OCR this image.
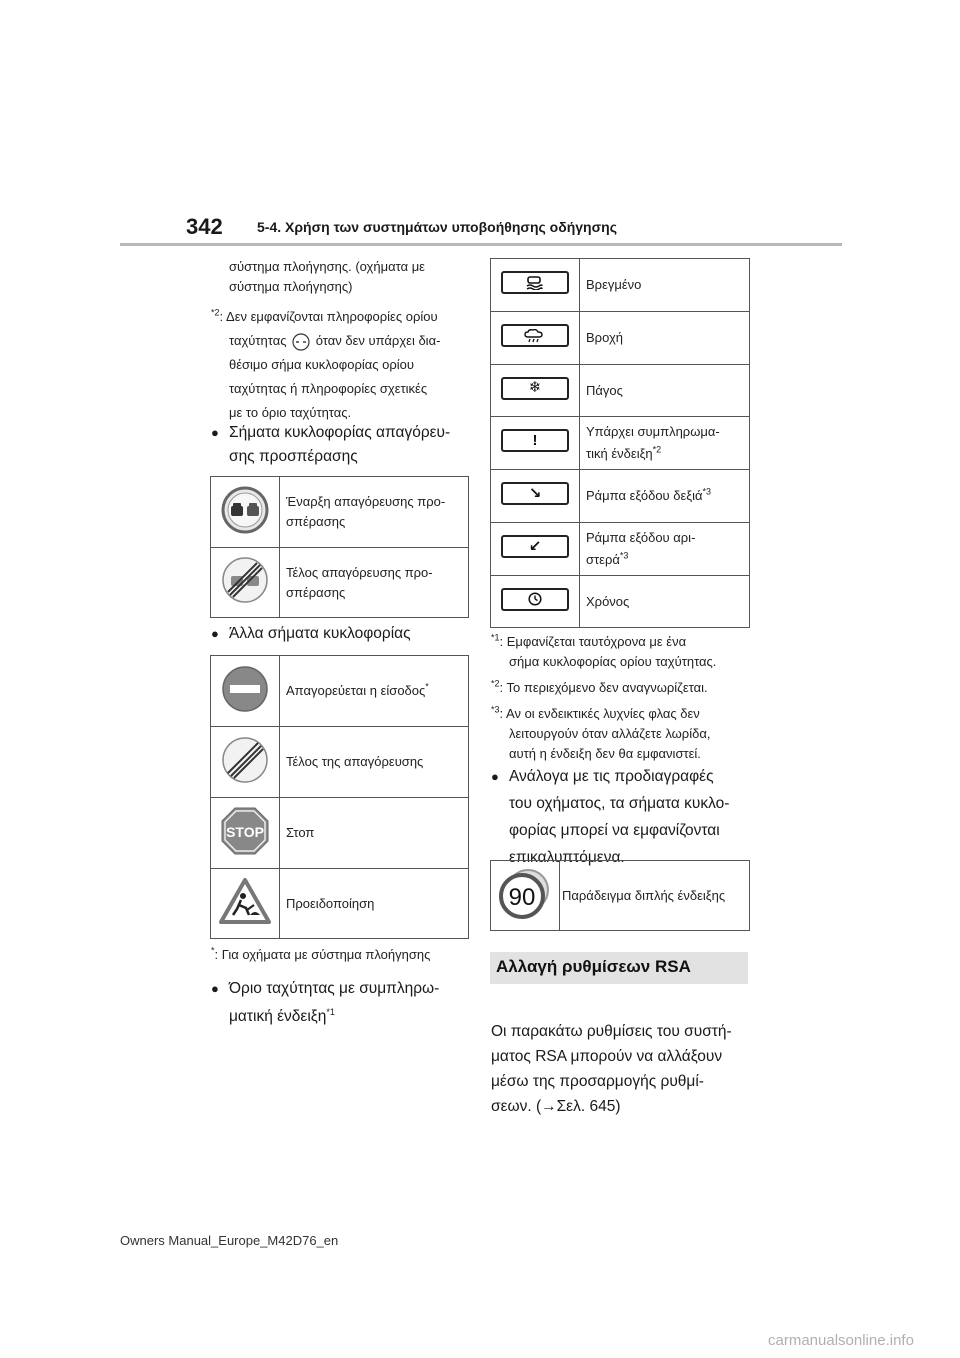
342 5-4. Χρήση των συστημάτων υποβοήθησης οδήγησης
σύστημα πλοήγησης. (οχήματα με
σύστημα πλοήγησης)
$^{*2}$: Δεν εμφανίζονται πληροφορίες ορίου
ταχύτητας όταν δεν υπάρχει δια-
θέσιμο σήμα κυκλοφορίας ορίου
ταχύτητας ή πληροφορίες σχετικές
με το όριο ταχύτητας.
● Σήματα κυκλοφορίας απαγόρευ-
σης προσπέρασης

Έναρξη απαγόρευσης προ-
σπέρασης

Τέλος απαγόρευσης προ-
σπέρασης
● Άλλα σήματα κυκλοφορίας
	Απαγορεύεται η είσοδος*
	Τέλος της απαγόρευσης

STOP	Στοπ
	Προειδοποίηση
*: Για οχήματα με σύστημα πλοήγησης
● Όριο ταχύτητας με συμπληρω-
ματική ένδειξη$^{*1}$
	Βρεγμένο

	Βροχή

❄	Πάγος

!	Υπάρχει συμπληρωμα-
τική ένδειξη$^{*2}$

↘	Ράμπα εξόδου δεξιά$^{*3}$

↙	Ράμπα εξόδου αρι-
στερά$^{*3}$

	Χρόνος
$^{*1}$: Εμφανίζεται ταυτόχρονα με ένα
σήμα κυκλοφορίας ορίου ταχύτητας.
$^{*2}$: Το περιεχόμενο δεν αναγνωρίζεται.
$^{*3}$: Αν οι ενδεικτικές λυχνίες φλας δεν
λειτουργούν όταν αλλάζετε λωρίδα,
αυτή η ένδειξη δεν θα εμφανιστεί.
● Ανάλογα με τις προδιαγραφές
του οχήματος, τα σήματα κυκλο-
φορίας μπορεί να εμφανίζονται
επικαλυπτόμενα.
90	Παράδειγμα διπλής ένδειξης
Αλλαγή ρυθμίσεων RSA
Οι παρακάτω ρυθμίσεις του συστή-
ματος RSA μπορούν να αλλάξουν
μέσω της προσαρμογής ρυθμί-
σεων. (→Σελ. 645)
Owners Manual_Europe_M42D76_en
carmanualsonline.info
